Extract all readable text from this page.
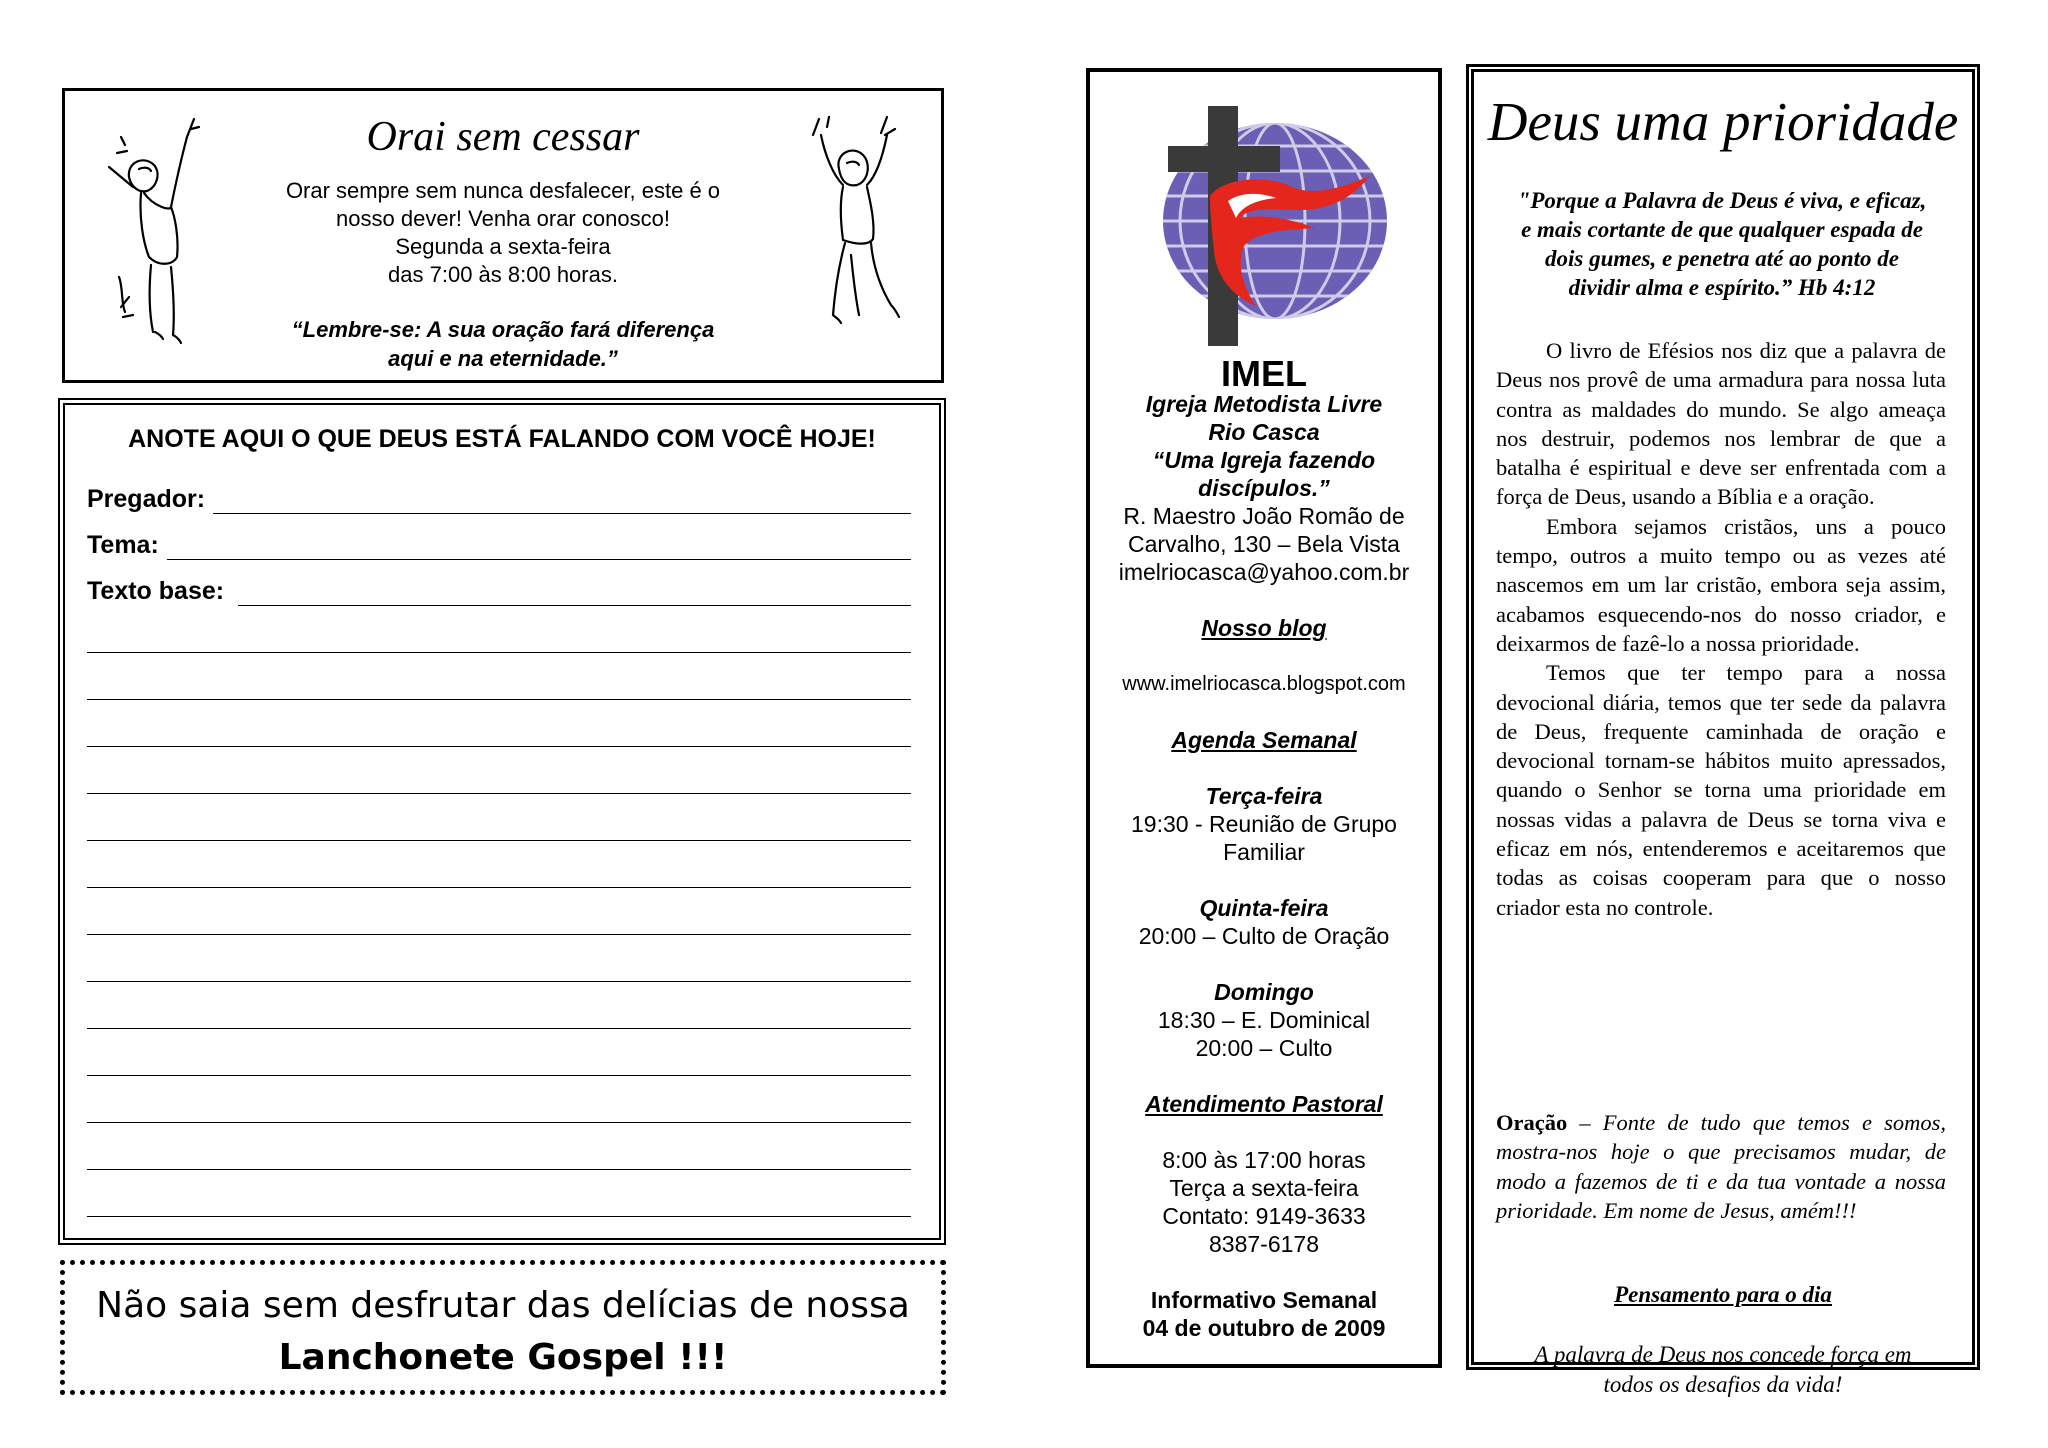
Orai sem cessar
Orar sempre sem nunca desfalecer, este é o
nosso dever! Venha orar conosco!
Segunda a sexta-feira
das 7:00 às 8:00 horas.
“Lembre-se: A sua oração fará diferença
aqui e na eternidade.”
ANOTE AQUI O QUE DEUS ESTÁ FALANDO COM VOCÊ HOJE!
Pregador:
Tema:
Texto base:
Não saia sem desfrutar das delícias de nossa
Lanchonete Gospel !!!
IMEL
Igreja Metodista Livre
Rio Casca
“Uma Igreja fazendo
discípulos.”
R. Maestro João Romão de
Carvalho, 130 – Bela Vista
imelriocasca@yahoo.com.br
Nosso blog
www.imelriocasca.blogspot.com
Agenda Semanal
Terça-feira
19:30 - Reunião de Grupo
Familiar
Quinta-feira
20:00 – Culto de Oração
Domingo
18:30 – E. Dominical
20:00 – Culto
Atendimento Pastoral
8:00 às 17:00 horas
Terça a sexta-feira
Contato: 9149-3633
8387-6178
Informativo Semanal
04 de outubro de 2009
Deus uma prioridade
"Porque a Palavra de Deus é viva, e eficaz,
e mais cortante de que qualquer espada de
dois gumes, e penetra até ao ponto de
dividir alma e espírito.” Hb 4:12

O livro de Efésios nos diz que a palavra de Deus nos provê de uma armadura para nossa luta contra as maldades do mundo. Se algo ameaça nos destruir, podemos nos lembrar de que a batalha é espiritual e deve ser enfrentada com a força de Deus, usando a Bíblia e a oração.

Embora sejamos cristãos, uns a pouco tempo, outros a muito tempo ou as vezes até nascemos em um lar cristão, embora seja assim, acabamos esquecendo-nos do nosso criador, e deixarmos de fazê-lo a nossa prioridade.

Temos que ter tempo para a nossa devocional diária, temos que ter sede da palavra de Deus, frequente caminhada de oração e devocional tornam-se hábitos muito apressados, quando o Senhor se torna uma prioridade em nossas vidas a palavra de Deus se torna viva e eficaz em nós, entenderemos e aceitaremos que todas as coisas cooperam para que o nosso criador esta no controle.

Oração – Fonte de tudo que temos e somos, mostra-nos hoje o que precisamos mudar, de modo a fazemos de ti e da tua vontade a nossa prioridade. Em nome de Jesus, amém!!!
Pensamento para o dia
A palavra de Deus nos concede força em
todos os desafios da vida!
